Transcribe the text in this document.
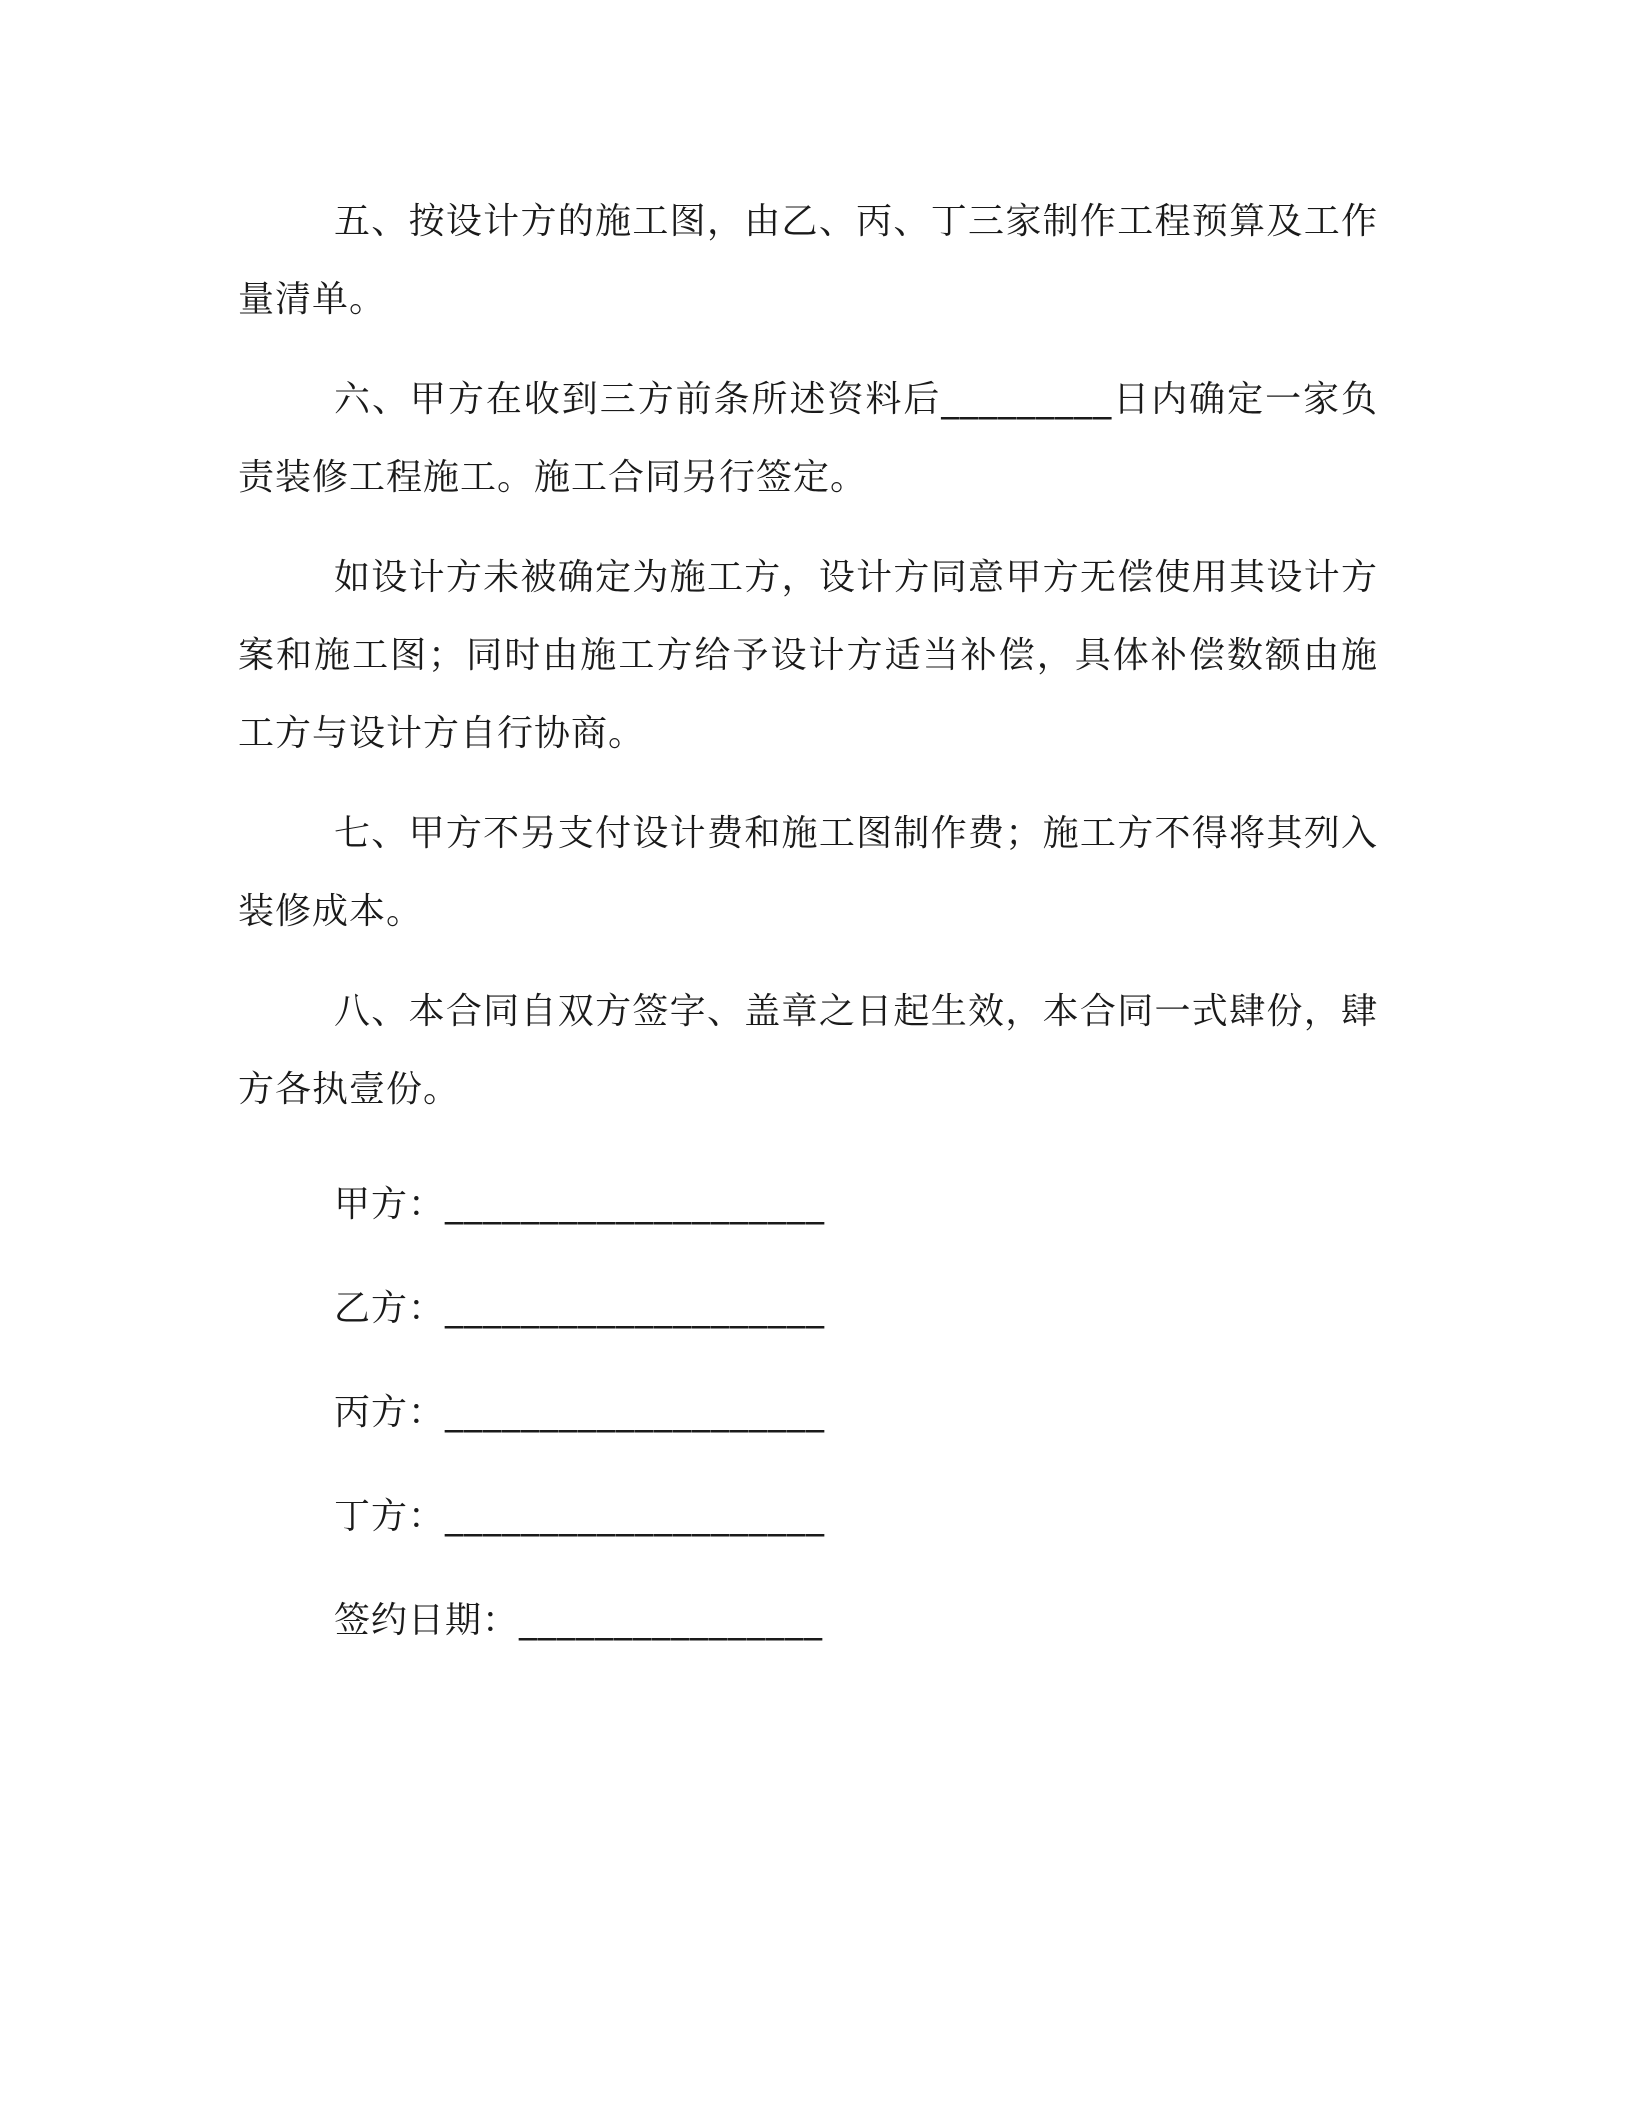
五、按设计方的施工图，由乙、丙、丁三家制作工程预算及工作量清单。

六、甲方在收到三方前条所述资料后_________日内确定一家负责装修工程施工。施工合同另行签定。

如设计方未被确定为施工方，设计方同意甲方无偿使用其设计方案和施工图；同时由施工方给予设计方适当补偿，具体补偿数额由施工方与设计方自行协商。

七、甲方不另支付设计费和施工图制作费；施工方不得将其列入装修成本。

八、本合同自双方签字、盖章之日起生效，本合同一式肆份，肆方各执壹份。

甲方：____________________
乙方：____________________
丙方：____________________
丁方：____________________
签约日期：________________
